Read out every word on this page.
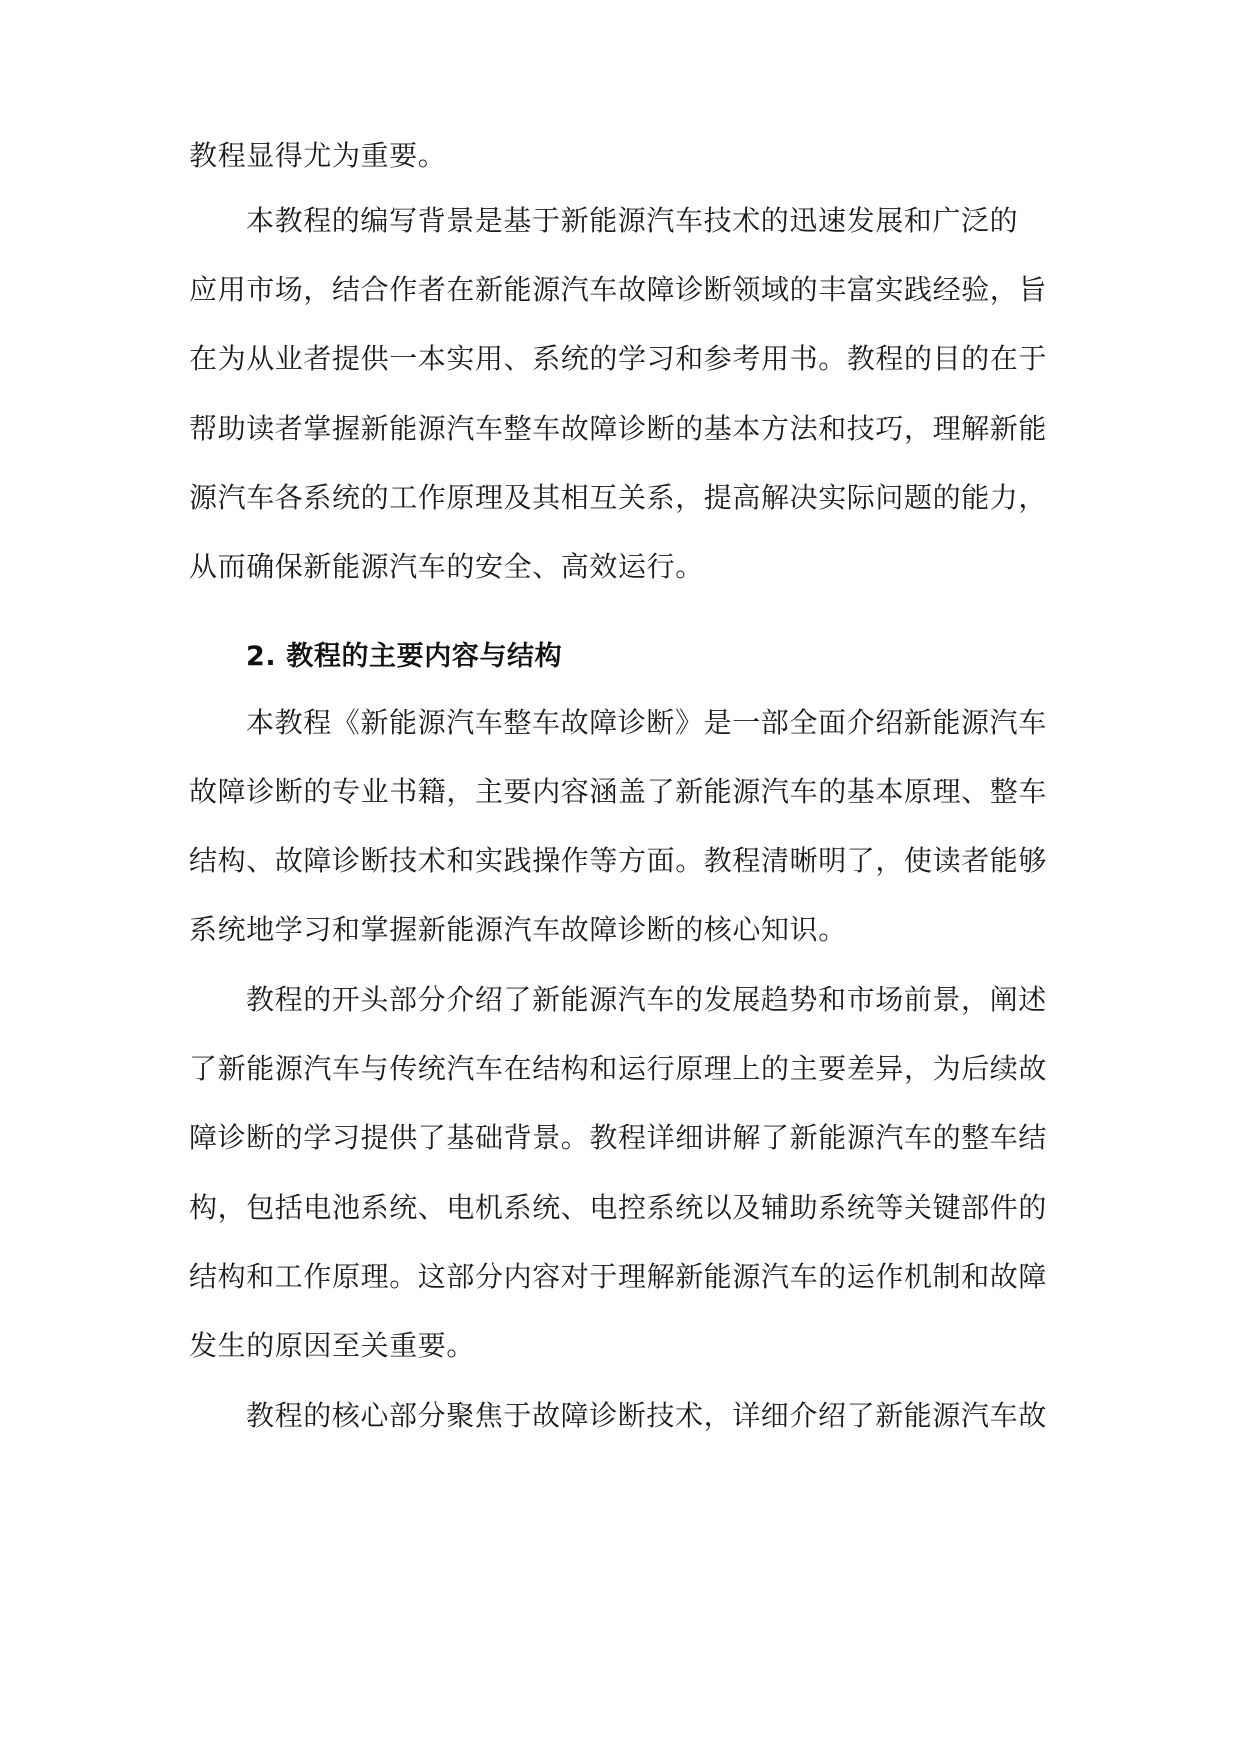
教程显得尤为重要。
本教程的编写背景是基于新能源汽车技术的迅速发展和广泛的
应用市场，结合作者在新能源汽车故障诊断领域的丰富实践经验，旨
在为从业者提供一本实用、系统的学习和参考用书。教程的目的在于
帮助读者掌握新能源汽车整车故障诊断的基本方法和技巧，理解新能
源汽车各系统的工作原理及其相互关系，提高解决实际问题的能力，
从而确保新能源汽车的安全、高效运行。
2. 教程的主要内容与结构
本教程《新能源汽车整车故障诊断》是一部全面介绍新能源汽车
故障诊断的专业书籍，主要内容涵盖了新能源汽车的基本原理、整车
结构、故障诊断技术和实践操作等方面。教程清晰明了，使读者能够
系统地学习和掌握新能源汽车故障诊断的核心知识。
教程的开头部分介绍了新能源汽车的发展趋势和市场前景，阐述
了新能源汽车与传统汽车在结构和运行原理上的主要差异，为后续故
障诊断的学习提供了基础背景。教程详细讲解了新能源汽车的整车结
构，包括电池系统、电机系统、电控系统以及辅助系统等关键部件的
结构和工作原理。这部分内容对于理解新能源汽车的运作机制和故障
发生的原因至关重要。
教程的核心部分聚焦于故障诊断技术，详细介绍了新能源汽车故
